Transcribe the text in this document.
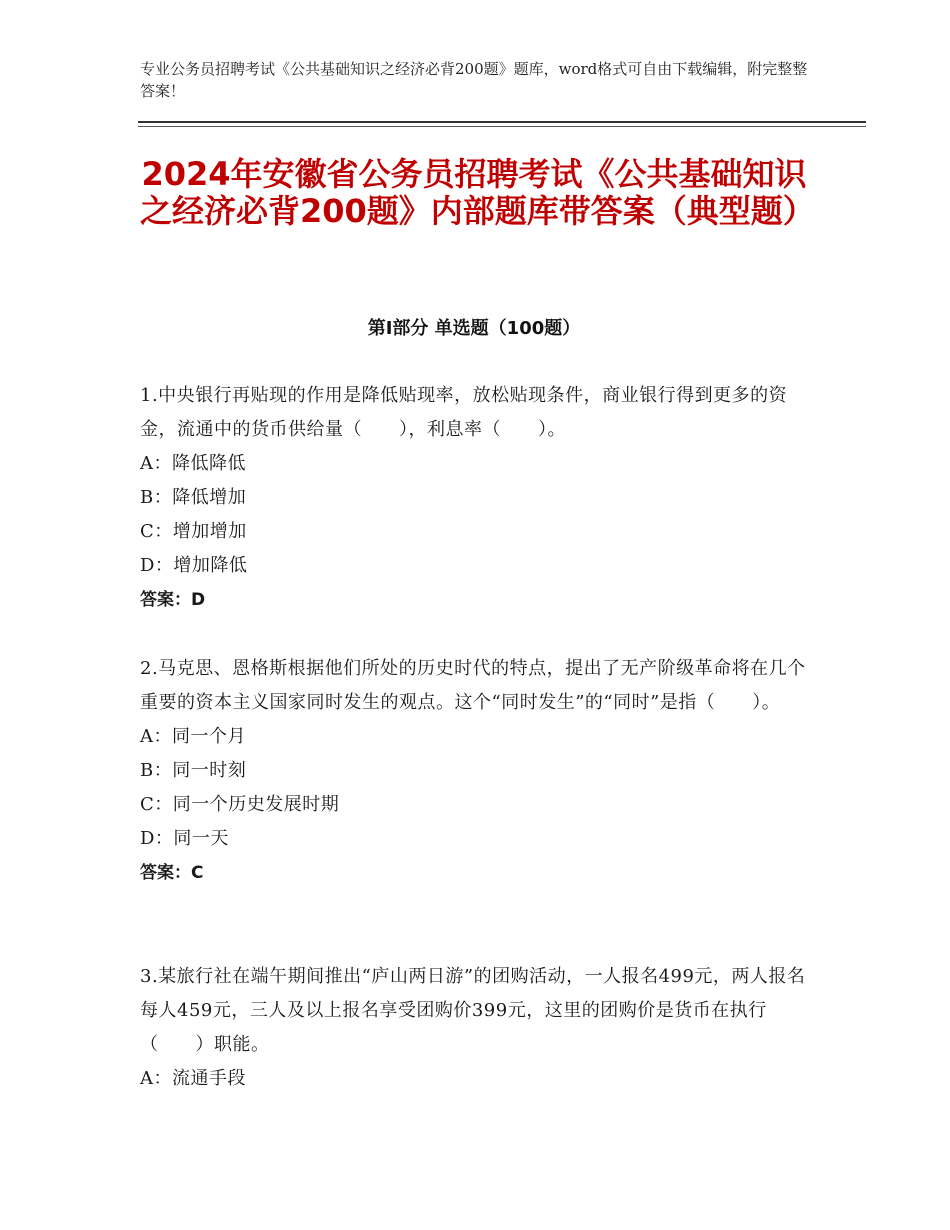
专业公务员招聘考试《公共基础知识之经济必背200题》题库，word格式可自由下载编辑，附完整整答案！
2024年安徽省公务员招聘考试《公共基础知识之经济必背200题》内部题库带答案（典型题）
第Ⅰ部分 单选题（100题）

1.中央银行再贴现的作用是降低贴现率，放松贴现条件，商业银行得到更多的资金，流通中的货币供给量（　　），利息率（　　）。

A：降低降低

B：降低增加

C：增加增加

D：增加降低

答案：D

2.马克思、恩格斯根据他们所处的历史时代的特点，提出了无产阶级革命将在几个重要的资本主义国家同时发生的观点。这个“同时发生”的“同时”是指（　　）。

A：同一个月

B：同一时刻

C：同一个历史发展时期

D：同一天

答案：C

3.某旅行社在端午期间推出“庐山两日游”的团购活动，一人报名499元，两人报名每人459元，三人及以上报名享受团购价399元，这里的团购价是货币在执行（　　）职能。

A：流通手段
